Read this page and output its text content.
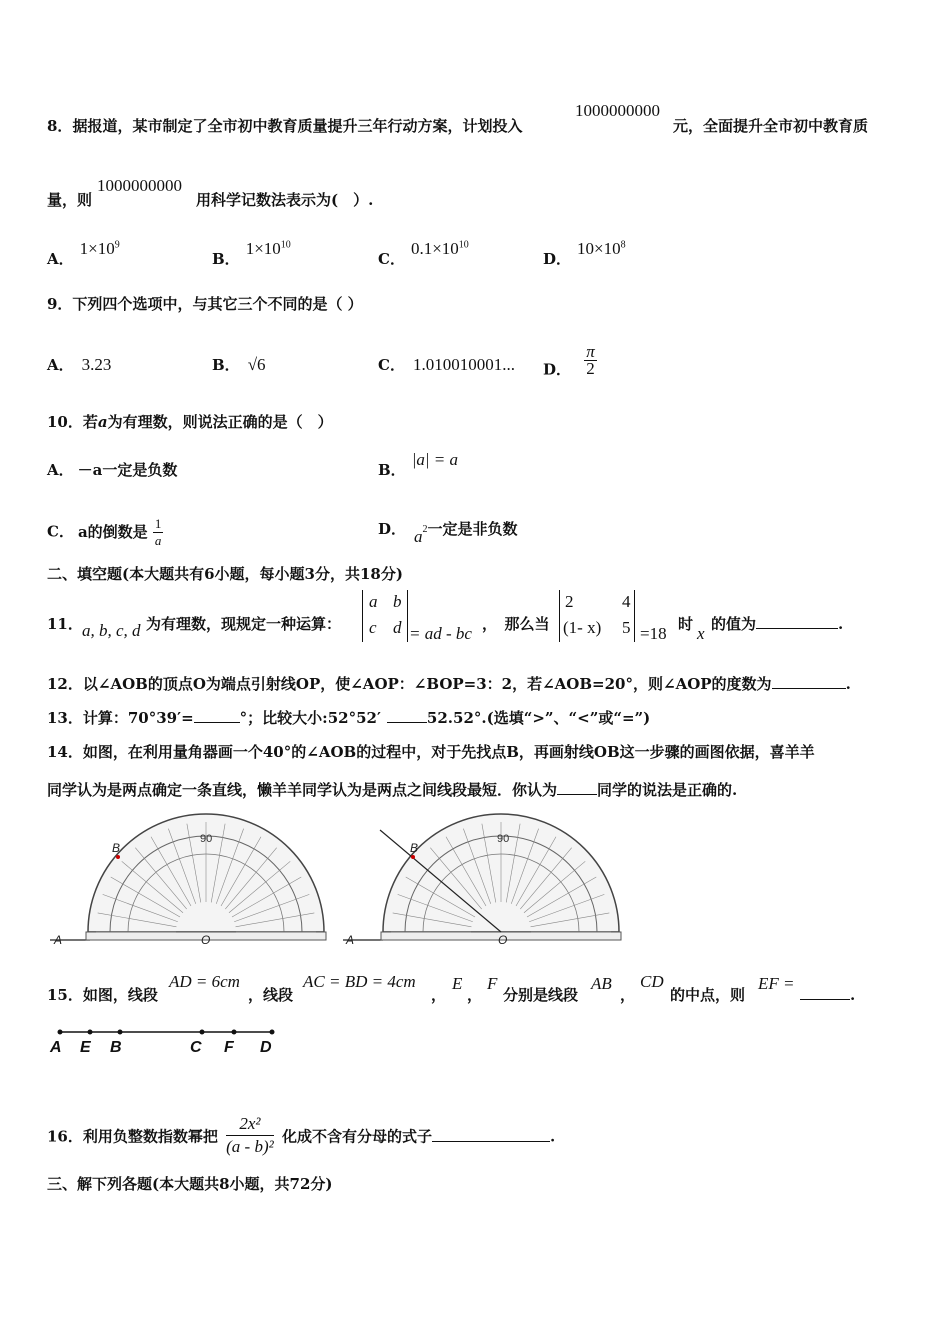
8．据报道，某市制定了全市初中教育质量提升三年行动方案，计划投入
1000000000
元，全面提升全市初中教育质
量，则
1000000000
用科学记数法表示为(　）.
A．$1\times 10^9$
B．$1\times 10^{10}$
C．$0.1\times 10^{10}$
D．$10\times 10^8$
9．下列四个选项中，与其它三个不同的是（ ）
A． 3.23	B． √6	C． 1.010010001... D． $\frac{\pi}{2}$
10．若a为有理数，则说法正确的是（　）
A． －a一定是负数	B．|a| = a
C． a的倒数是 $\frac{1}{a}$	D． $a^2$一定是非负数
二、填空题(本大题共有6小题，每小题3分，共18分)
11． a, b, c, d 为有理数，现规定一种运算：
a b
c d = ad - bc ，　那么当
2	4
(1- x) 5 =18 时 x 的值为	.
12．以∠AOB的顶点O为端点引射线OP，使∠AOP：∠BOP=3：2，若∠AOB=20°，则∠AOP的度数为	.
13．计算：70°39′=	°；比较大小:52°52′	52.52°.(选填“>”、“<”或“=”)
14．如图，在利用量角器画一个40°的∠AOB的过程中，对于先找点B，再画射线OB这一步骤的画图依据，喜羊羊
同学认为是两点确定一条直线，懒羊羊同学认为是两点之间线段最短．你认为	同学的说法是正确的.
A	O
B
90
A	O
B
90
15．如图，线段
AD = 6cm
，线段
AC = BD = 4cm
，
E
，
F
分别是线段
AB
，
CD
的中点，则
EF =
.
A E B	C F D
16．利用负整数指数幂把 $\frac{\text{2x²}}{\text{(a - b)²}}$ 化成不含有分母的式子	.
三、解下列各题(本大题共8小题，共72分)
